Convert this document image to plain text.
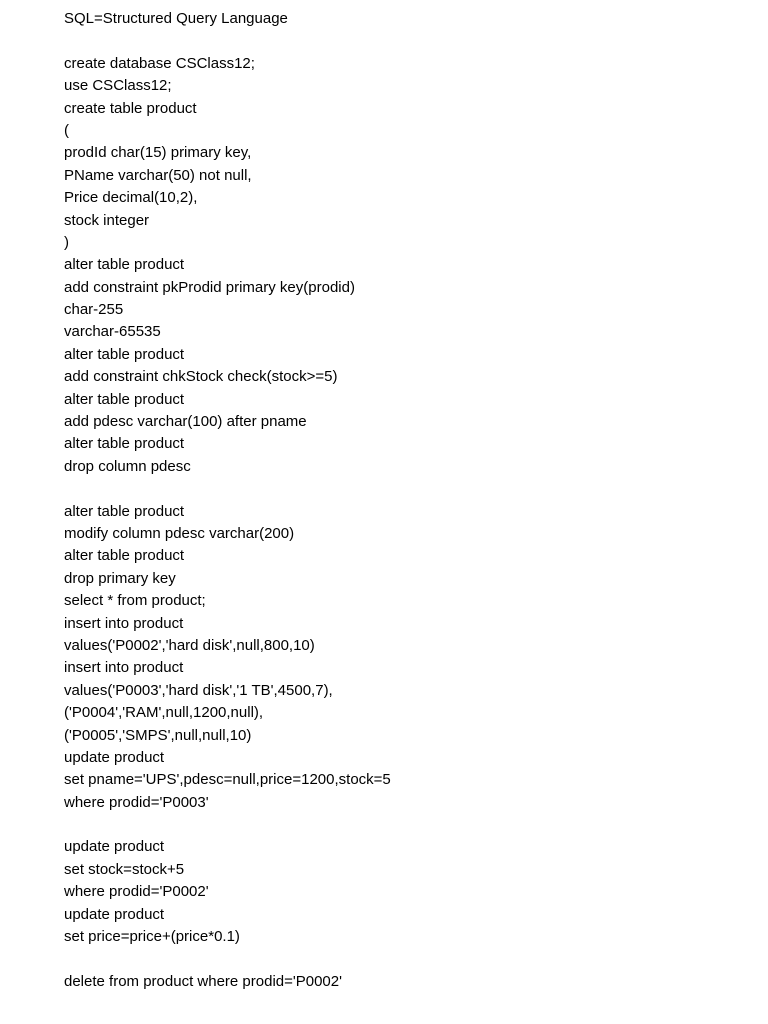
SQL=Structured Query Language
create database CSClass12;
use CSClass12;
create table product
(
prodId char(15) primary key,
PName varchar(50) not null,
Price decimal(10,2),
stock integer
)
alter table product
add constraint pkProdid primary key(prodid)
char-255
varchar-65535
alter table product
add constraint chkStock check(stock>=5)
alter table product
add pdesc varchar(100) after pname
alter table product
drop column pdesc
alter table product
modify column pdesc varchar(200)
alter table product
drop primary key
select * from product;
insert into product
values('P0002','hard disk',null,800,10)
insert into product
values('P0003','hard disk','1 TB',4500,7),
('P0004','RAM',null,1200,null),
('P0005','SMPS',null,null,10)
update product
set pname='UPS',pdesc=null,price=1200,stock=5
where prodid='P0003'
update product
set stock=stock+5
where prodid='P0002'
update product
set price=price+(price*0.1)
delete from product where prodid='P0002'
